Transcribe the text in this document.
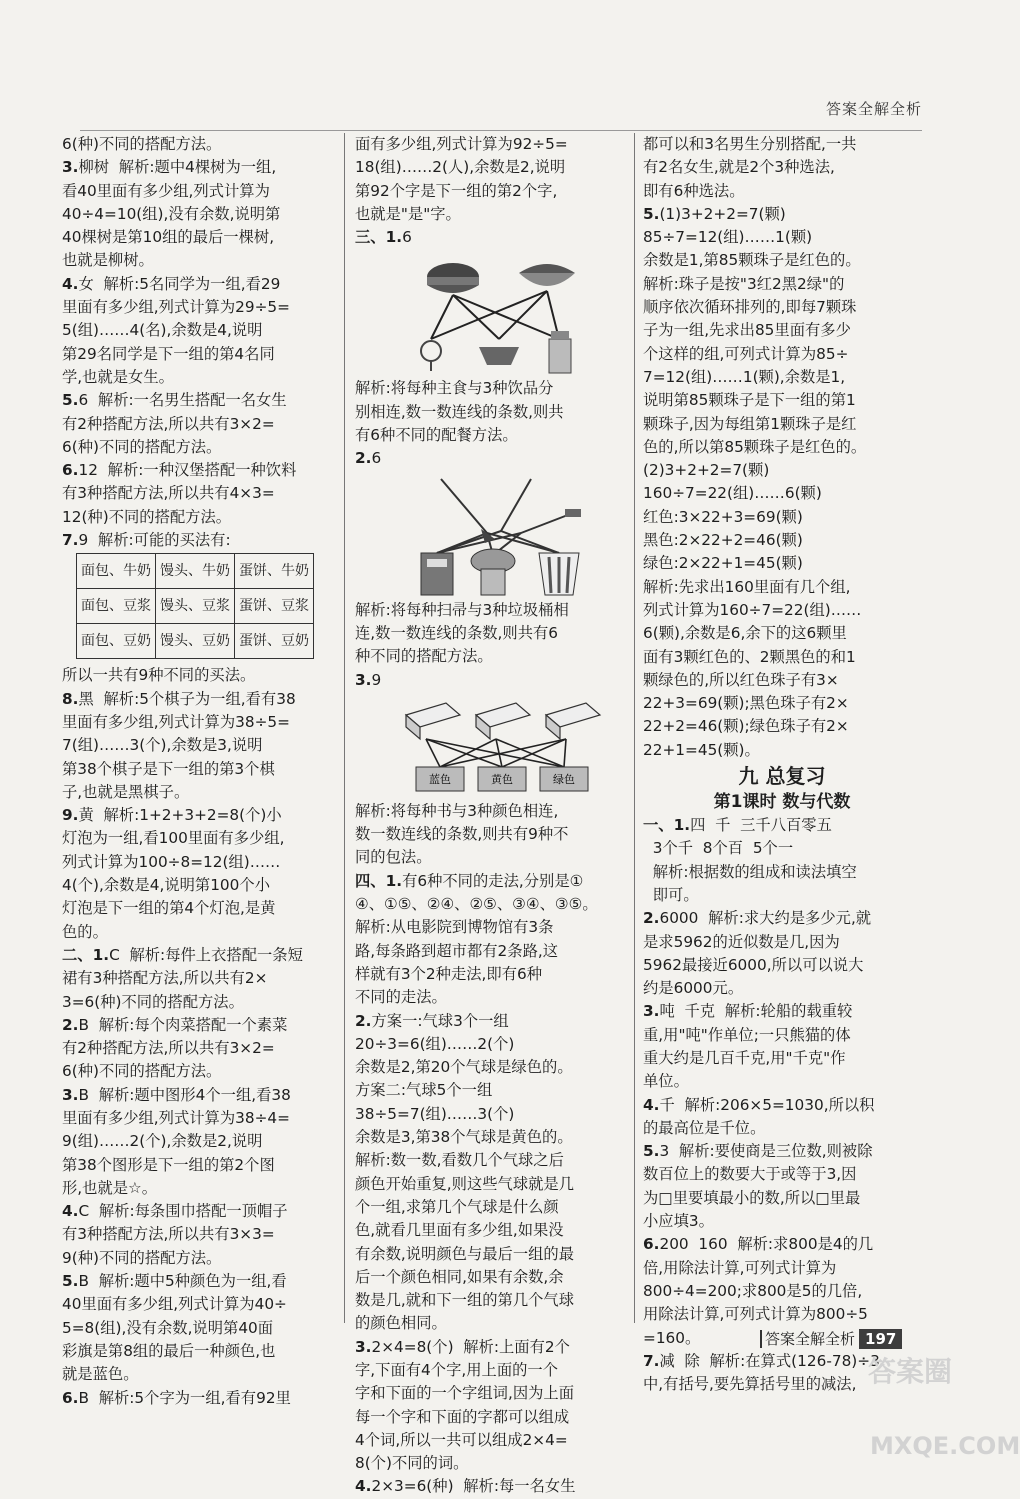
答案全解全析
6(种)不同的搭配方法。
3.柳树  解析:题中4棵树为一组,
看40里面有多少组,列式计算为
40÷4=10(组),没有余数,说明第
40棵树是第10组的最后一棵树,
也就是柳树。
4.女  解析:5名同学为一组,看29
里面有多少组,列式计算为29÷5=
5(组)……4(名),余数是4,说明
第29名同学是下一组的第4名同
学,也就是女生。
5.6  解析:一名男生搭配一名女生
有2种搭配方法,所以共有3×2=
6(种)不同的搭配方法。
6.12  解析:一种汉堡搭配一种饮料
有3种搭配方法,所以共有4×3=
12(种)不同的搭配方法。
7.9  解析:可能的买法有:
面包、牛奶	馒头、牛奶	蛋饼、牛奶
面包、豆浆	馒头、豆浆	蛋饼、豆浆
面包、豆奶	馒头、豆奶	蛋饼、豆奶
所以一共有9种不同的买法。
8.黑  解析:5个棋子为一组,看有38
里面有多少组,列式计算为38÷5=
7(组)……3(个),余数是3,说明
第38个棋子是下一组的第3个棋
子,也就是黑棋子。
9.黄  解析:1+2+3+2=8(个)小
灯泡为一组,看100里面有多少组,
列式计算为100÷8=12(组)……
4(个),余数是4,说明第100个小
灯泡是下一组的第4个灯泡,是黄
色的。
二、1.C  解析:每件上衣搭配一条短
裙有3种搭配方法,所以共有2×
3=6(种)不同的搭配方法。
2.B  解析:每个肉菜搭配一个素菜
有2种搭配方法,所以共有3×2=
6(种)不同的搭配方法。
3.B  解析:题中图形4个一组,看38
里面有多少组,列式计算为38÷4=
9(组)……2(个),余数是2,说明
第38个图形是下一组的第2个图
形,也就是☆。
4.C  解析:每条围巾搭配一顶帽子
有3种搭配方法,所以共有3×3=
9(种)不同的搭配方法。
5.B  解析:题中5种颜色为一组,看
40里面有多少组,列式计算为40÷
5=8(组),没有余数,说明第40面
彩旗是第8组的最后一种颜色,也
就是蓝色。
6.B  解析:5个字为一组,看有92里
面有多少组,列式计算为92÷5=
18(组)……2(人),余数是2,说明
第92个字是下一组的第2个字,
也就是"是"字。
三、1.6
解析:将每种主食与3种饮品分
别相连,数一数连线的条数,则共
有6种不同的配餐方法。
2.6
解析:将每种扫帚与3种垃圾桶相
连,数一数连线的条数,则共有6
种不同的搭配方法。
3.9
蓝色	黄色	绿色
解析:将每种书与3种颜色相连,
数一数连线的条数,则共有9种不
同的包法。
四、1.有6种不同的走法,分别是①
④、①⑤、②④、②⑤、③④、③⑤。
解析:从电影院到博物馆有3条
路,每条路到超市都有2条路,这
样就有3个2种走法,即有6种
不同的走法。
2.方案一:气球3个一组
20÷3=6(组)……2(个)
余数是2,第20个气球是绿色的。
方案二:气球5个一组
38÷5=7(组)……3(个)
余数是3,第38个气球是黄色的。
解析:数一数,看数几个气球之后
颜色开始重复,则这些气球就是几
个一组,求第几个气球是什么颜
色,就看几里面有多少组,如果没
有余数,说明颜色与最后一组的最
后一个颜色相同,如果有余数,余
数是几,就和下一组的第几个气球
的颜色相同。
3.2×4=8(个)  解析:上面有2个
字,下面有4个字,用上面的一个
字和下面的一个字组词,因为上面
每一个字和下面的字都可以组成
4个词,所以一共可以组成2×4=
8(个)不同的词。
4.2×3=6(种)  解析:每一名女生
都可以和3名男生分别搭配,一共
有2名女生,就是2个3种选法,
即有6种选法。
5.(1)3+2+2=7(颗)
85÷7=12(组)……1(颗)
余数是1,第85颗珠子是红色的。
解析:珠子是按"3红2黑2绿"的
顺序依次循环排列的,即每7颗珠
子为一组,先求出85里面有多少
个这样的组,可列式计算为85÷
7=12(组)……1(颗),余数是1,
说明第85颗珠子是下一组的第1
颗珠子,因为每组第1颗珠子是红
色的,所以第85颗珠子是红色的。
(2)3+2+2=7(颗)
160÷7=22(组)……6(颗)
红色:3×22+3=69(颗)
黑色:2×22+2=46(颗)
绿色:2×22+1=45(颗)
解析:先求出160里面有几个组,
列式计算为160÷7=22(组)……
6(颗),余数是6,余下的这6颗里
面有3颗红色的、2颗黑色的和1
颗绿色的,所以红色珠子有3×
22+3=69(颗);黑色珠子有2×
22+2=46(颗);绿色珠子有2×
22+1=45(颗)。
九 总复习
第1课时 数与代数
一、1.四  千  三千八百零五
3个千  8个百  5个一
解析:根据数的组成和读法填空
即可。
2.6000  解析:求大约是多少元,就
是求5962的近似数是几,因为
5962最接近6000,所以可以说大
约是6000元。
3.吨  千克  解析:轮船的载重较
重,用"吨"作单位;一只熊猫的体
重大约是几百千克,用"千克"作
单位。
4.千  解析:206×5=1030,所以积
的最高位是千位。
5.3  解析:要使商是三位数,则被除
数百位上的数要大于或等于3,因
为□里要填最小的数,所以□里最
小应填3。
6.200  160  解析:求800是4的几
倍,用除法计算,可列式计算为
800÷4=200;求800是5的几倍,
用除法计算,可列式计算为800÷5
=160。
7.减  除  解析:在算式(126-78)÷3
中,有括号,要先算括号里的减法,
答案全解全析 197
答案圈
MXQE.COM
